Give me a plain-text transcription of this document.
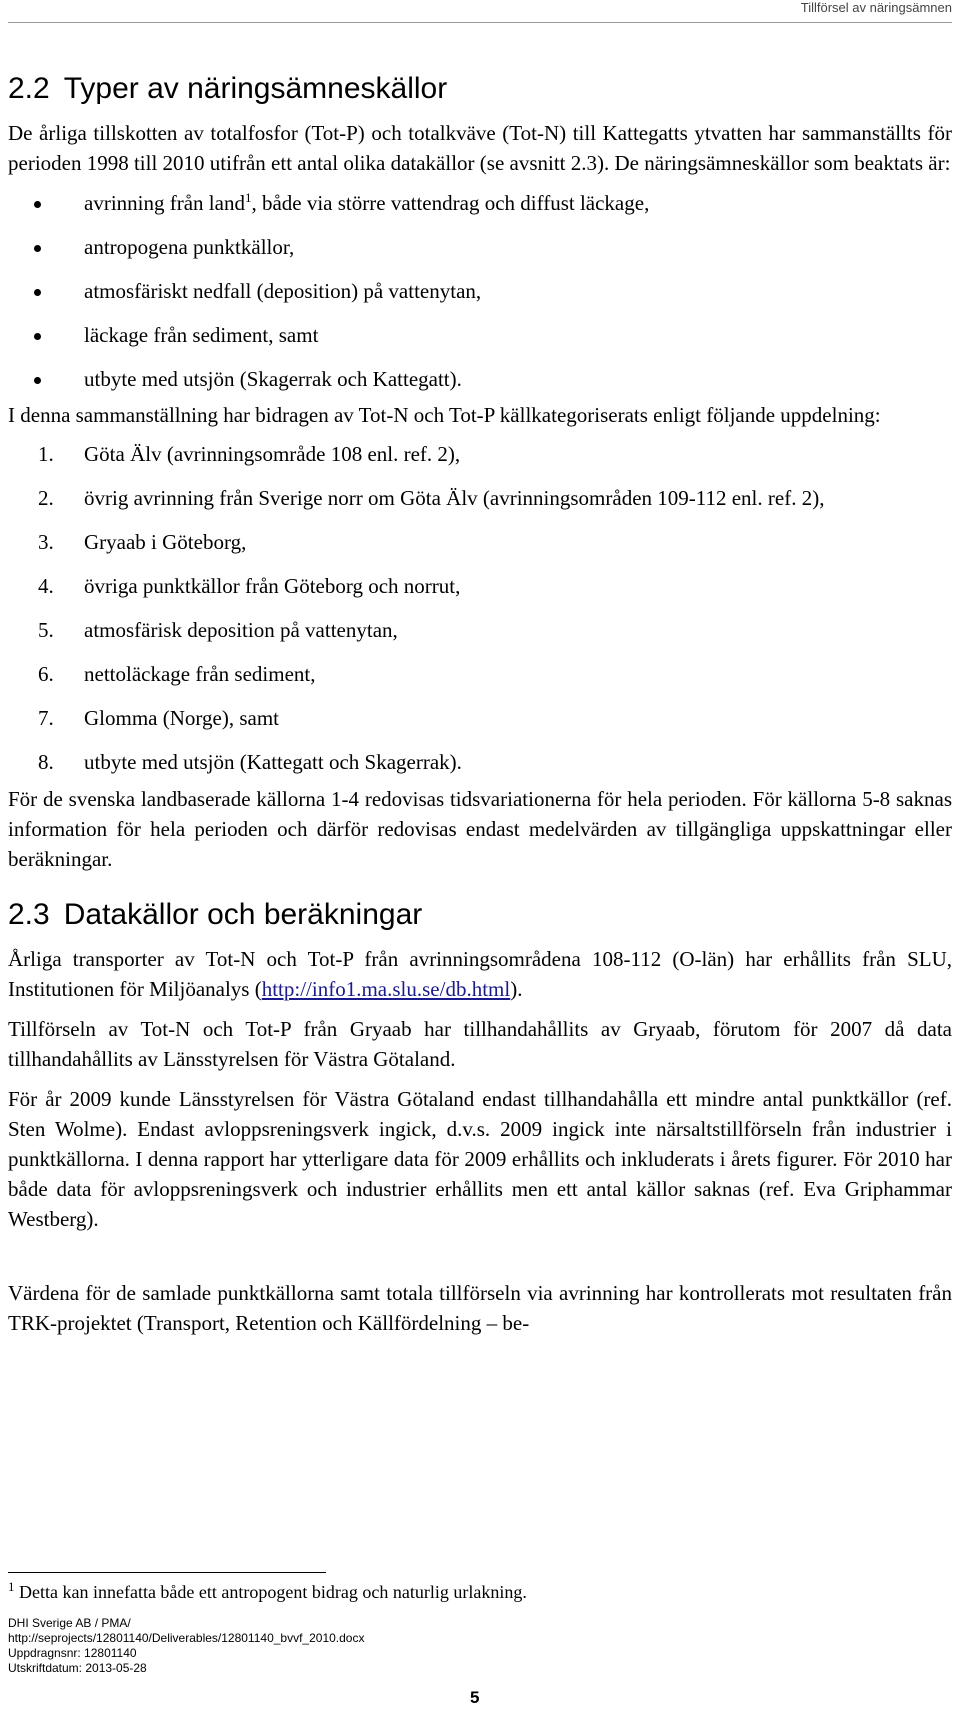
Tillförsel av näringsämnen
2.2 Typer av näringsämneskällor

De årliga tillskotten av totalfosfor (Tot-P) och totalkväve (Tot-N) till Kattegatts ytvatten har sammanställts för perioden 1998 till 2010 utifrån ett antal olika datakällor (se avsnitt 2.3). De näringsämneskällor som beaktats är:

avrinning från land$^1$, både via större vattendrag och diffust läckage,
antropogena punktkällor,
atmosfäriskt nedfall (deposition) på vattenytan,
läckage från sediment, samt
utbyte med utsjön (Skagerrak och Kattegatt).

I denna sammanställning har bidragen av Tot-N och Tot-P källkategoriserats enligt följande uppdelning:

1. Göta Älv (avrinningsområde 108 enl. ref. 2),
2. övrig avrinning från Sverige norr om Göta Älv (avrinningsområden 109-112 enl. ref. 2),
3. Gryaab i Göteborg,
4. övriga punktkällor från Göteborg och norrut,
5. atmosfärisk deposition på vattenytan,
6. nettoläckage från sediment,
7. Glomma (Norge), samt
8. utbyte med utsjön (Kattegatt och Skagerrak).

För de svenska landbaserade källorna 1-4 redovisas tidsvariationerna för hela perioden. För källorna 5-8 saknas information för hela perioden och därför redovisas endast medelvärden av tillgängliga uppskattningar eller beräkningar.

2.3 Datakällor och beräkningar

Årliga transporter av Tot-N och Tot-P från avrinningsområdena 108-112 (O-län) har erhållits från SLU, Institutionen för Miljöanalys (http://info1.ma.slu.se/db.html).

Tillförseln av Tot-N och Tot-P från Gryaab har tillhandahållits av Gryaab, förutom för 2007 då data tillhandahållits av Länsstyrelsen för Västra Götaland.

För år 2009 kunde Länsstyrelsen för Västra Götaland endast tillhandahålla ett mindre antal punktkällor (ref. Sten Wolme). Endast avloppsreningsverk ingick, d.v.s. 2009 ingick inte närsaltstillförseln från industrier i punktkällorna. I denna rapport har ytterligare data för 2009 erhållits och inkluderats i årets figurer. För 2010 har både data för avloppsreningsverk och industrier erhållits men ett antal källor saknas (ref. Eva Griphammar Westberg).

Värdena för de samlade punktkällorna samt totala tillförseln via avrinning har kontrollerats mot resultaten från TRK-projektet (Transport, Retention och Källfördelning – be-

$^1$ Detta kan innefatta både ett antropogent bidrag och naturlig urlakning.
DHI Sverige AB / PMA/
http://seprojects/12801140/Deliverables/12801140_bvvf_2010.docx
Uppdragnsnr: 12801140
Utskriftdatum: 2013-05-28
5
